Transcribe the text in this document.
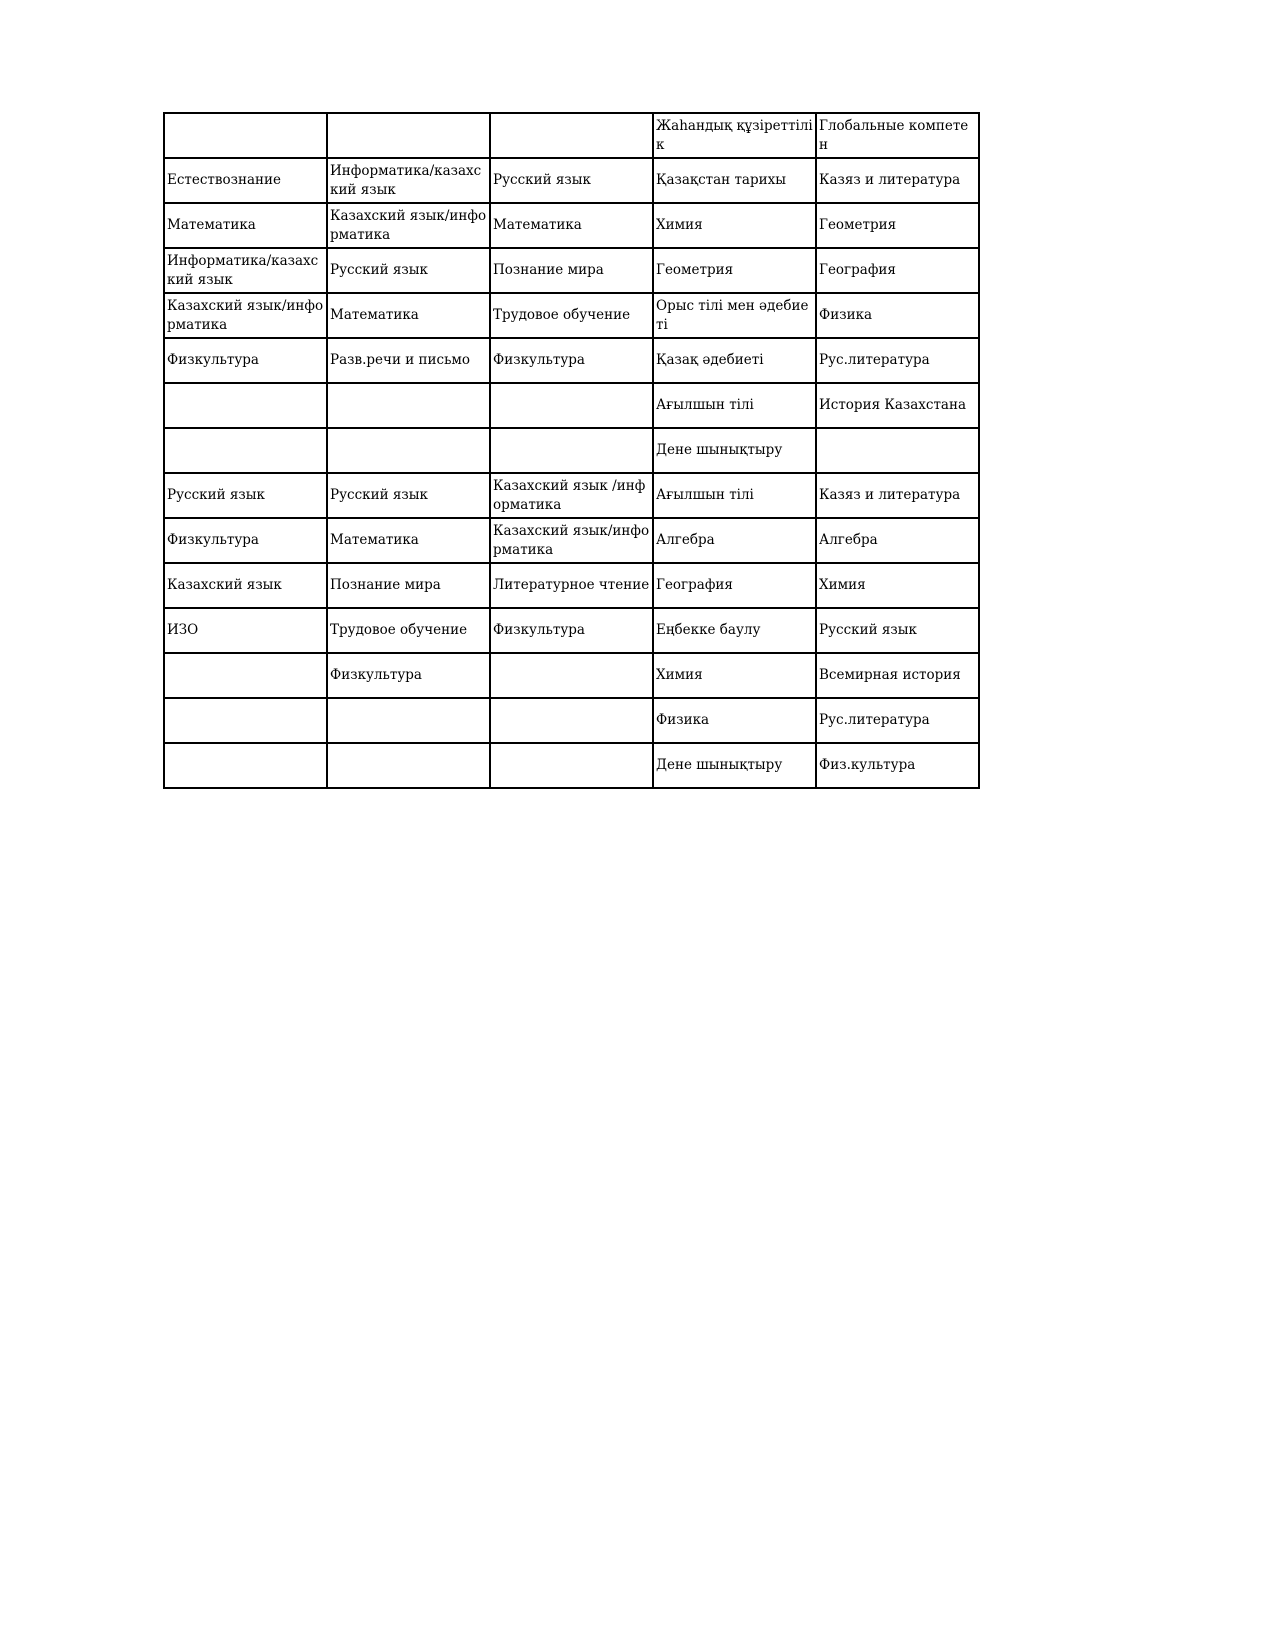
			Жаһандық құзіреттілік	Глобальные компетен
Естествознание	Информатика/казахский язык	Русский язык	Қазақстан тарихы	Казяз и литература
Математика	Казахский язык/информатика	Математика	Химия	Геометрия
Информатика/казахский язык	Русский язык	Познание мира	Геометрия	География
Казахский язык/информатика	Математика	Трудовое обучение	Орыс тілі мен әдебиеті	Физика
Физкультура	Разв.речи и письмо	Физкультура	Қазақ әдебиеті	Рус.литература
			Ағылшын тілі	История Казахстана
			Дене шынықтыру	
Русский язык	Русский язык	Казахский язык /информатика	Ағылшын тілі	Казяз и литература
Физкультура	Математика	Казахский язык/информатика	Алгебра	Алгебра
Казахский язык	Познание мира	Литературное чтение	География	Химия
ИЗО	Трудовое обучение	Физкультура	Еңбекке баулу	Русский язык
	Физкультура		Химия	Всемирная история
			Физика	Рус.литература
			Дене шынықтыру	Физ.культура
